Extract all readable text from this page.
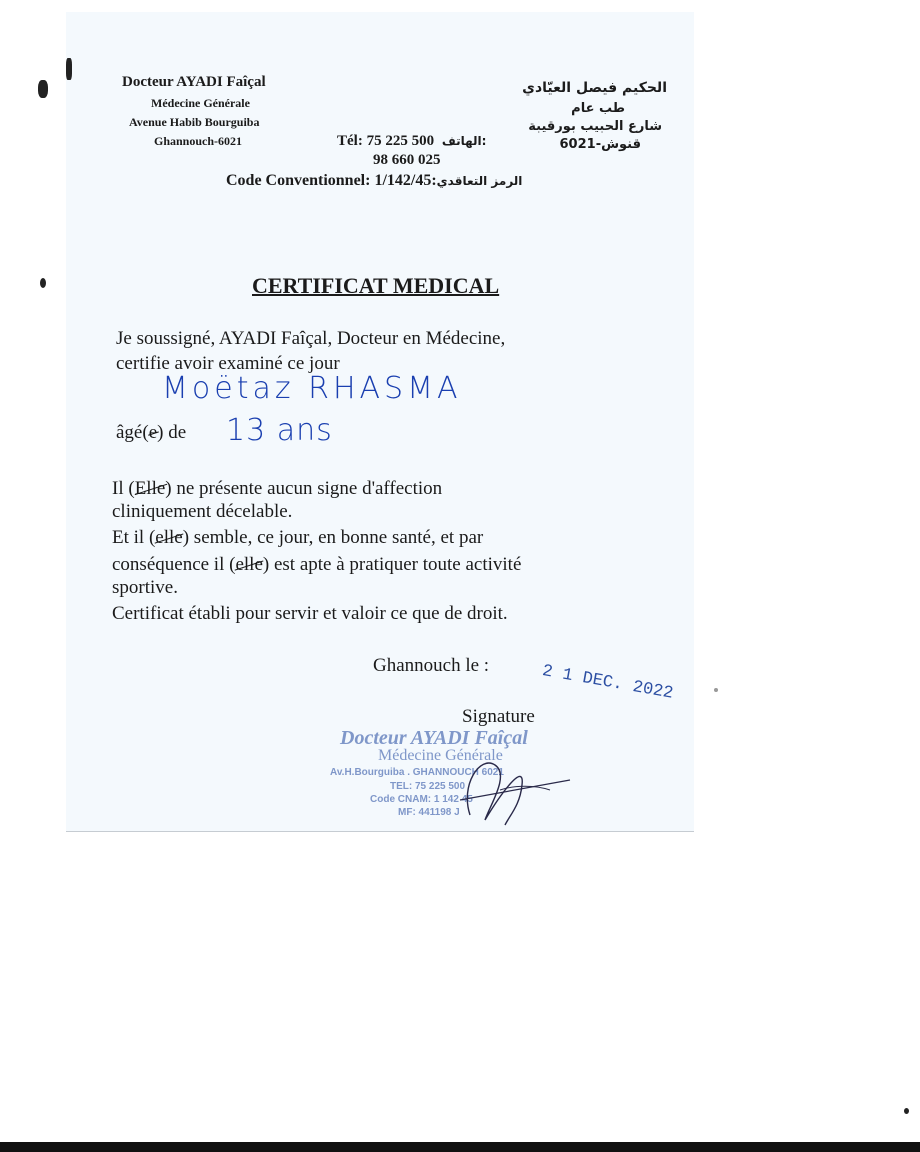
Docteur AYADI Faîçal
Médecine Générale
Avenue Habib Bourguiba
Ghannouch-6021
الحكيم فيصل العيّادي
طب عام
شارع الحبيب بورقيبة
قنوش-6021
Tél: 75 225 500 الهاتف:
98 660 025
Code Conventionnel: 1/142/45:الرمز التعاقدي
CERTIFICAT MEDICAL
Je soussigné, AYADI Faîçal, Docteur en Médecine,
certifie avoir examiné ce jour
Moëtaz RHASMA
âgé(e) de 13 ans
Il (Elle) ne présente aucun signe d'affection
cliniquement décelable.
Et il (elle) semble, ce jour, en bonne santé, et par
conséquence il (elle) est apte à pratiquer toute activité
sportive.
Certificat établi pour servir et valoir ce que de droit.
Ghannouch le :	2 1 DEC. 2022
Signature
Docteur AYADI Faîçal
Médecine Générale
Av.H.Bourguiba . GHANNOUCH 6021
TEL: 75 225 500
Code CNAM: 1 142 45
MF: 441198 J
